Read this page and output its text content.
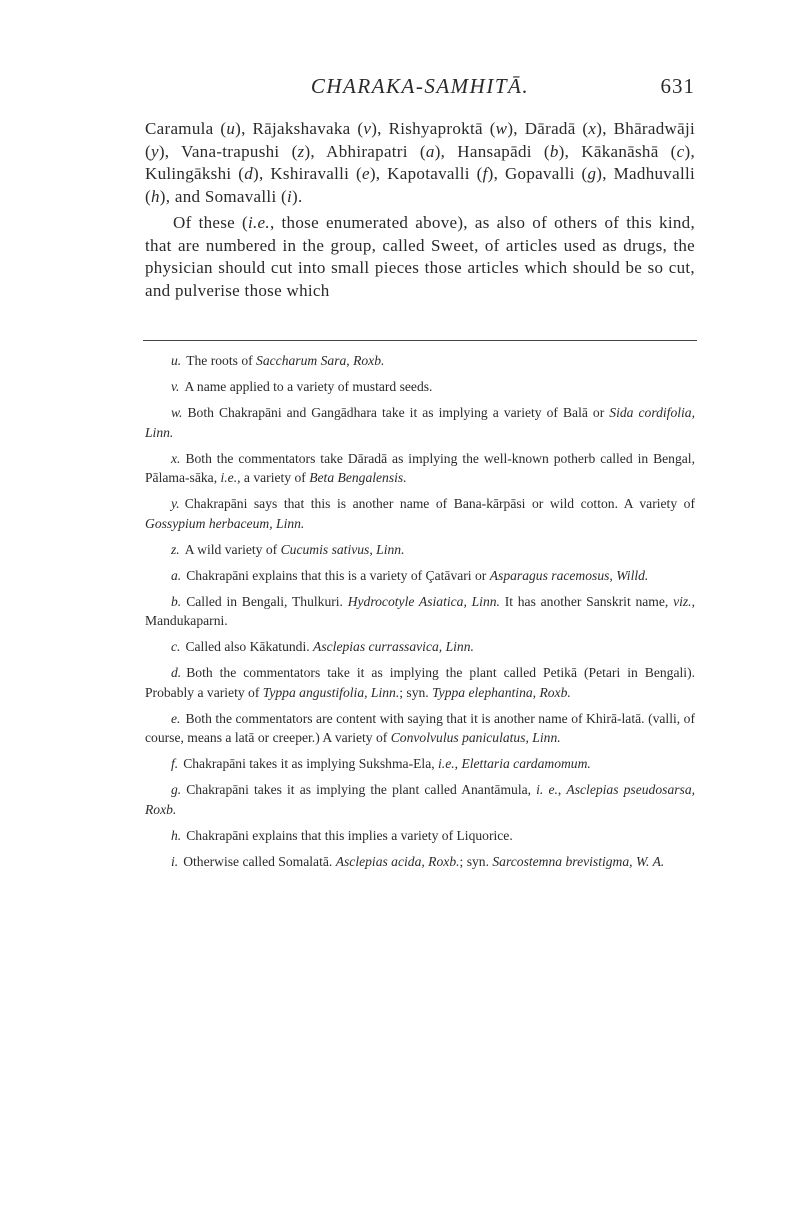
CHARAKA-SAMHITĀ.	631

Caramula (u), Rājakshavaka (v), Rishyaproktā (w), Dāradā (x), Bhāradwāji (y), Vana-trapushi (z), Abhirapatri (a), Hansapādi (b), Kākanāshā (c), Kulingākshi (d), Kshiravalli (e), Kapotavalli (f), Gopavalli (g), Madhuvalli (h), and Somavalli (i).

Of these (i.e., those enumerated above), as also of others of this kind, that are numbered in the group, called Sweet, of articles used as drugs, the physician should cut into small pieces those articles which should be so cut, and pulverise those which

u. The roots of Saccharum Sara, Roxb.

v. A name applied to a variety of mustard seeds.

w. Both Chakrapāni and Gangādhara take it as implying a variety of Balā or Sida cordifolia, Linn.

x. Both the commentators take Dāradā as implying the well-known potherb called in Bengal, Pālama-sāka, i.e., a variety of Beta Bengalensis.

y. Chakrapāni says that this is another name of Bana-kārpāsi or wild cotton. A variety of Gossypium herbaceum, Linn.

z. A wild variety of Cucumis sativus, Linn.

a. Chakrapāni explains that this is a variety of Çatāvari or Asparagus racemosus, Willd.

b. Called in Bengali, Thulkuri. Hydrocotyle Asiatica, Linn. It has another Sanskrit name, viz., Mandukaparni.

c. Called also Kākatundi. Asclepias currassavica, Linn.

d. Both the commentators take it as implying the plant called Petikā (Petari in Bengali). Probably a variety of Typpa angustifolia, Linn.; syn. Typpa elephantina, Roxb.

e. Both the commentators are content with saying that it is another name of Khirā-latā. (valli, of course, means a latā or creeper.) A variety of Convolvulus paniculatus, Linn.

f. Chakrapāni takes it as implying Sukshma-Ela, i.e., Elettaria cardamomum.

g. Chakrapāni takes it as implying the plant called Anantāmula, i. e., Asclepias pseudosarsa, Roxb.

h. Chakrapāni explains that this implies a variety of Liquorice.

i. Otherwise called Somalatā. Asclepias acida, Roxb.; syn. Sarcostemna brevistigma, W. A.
